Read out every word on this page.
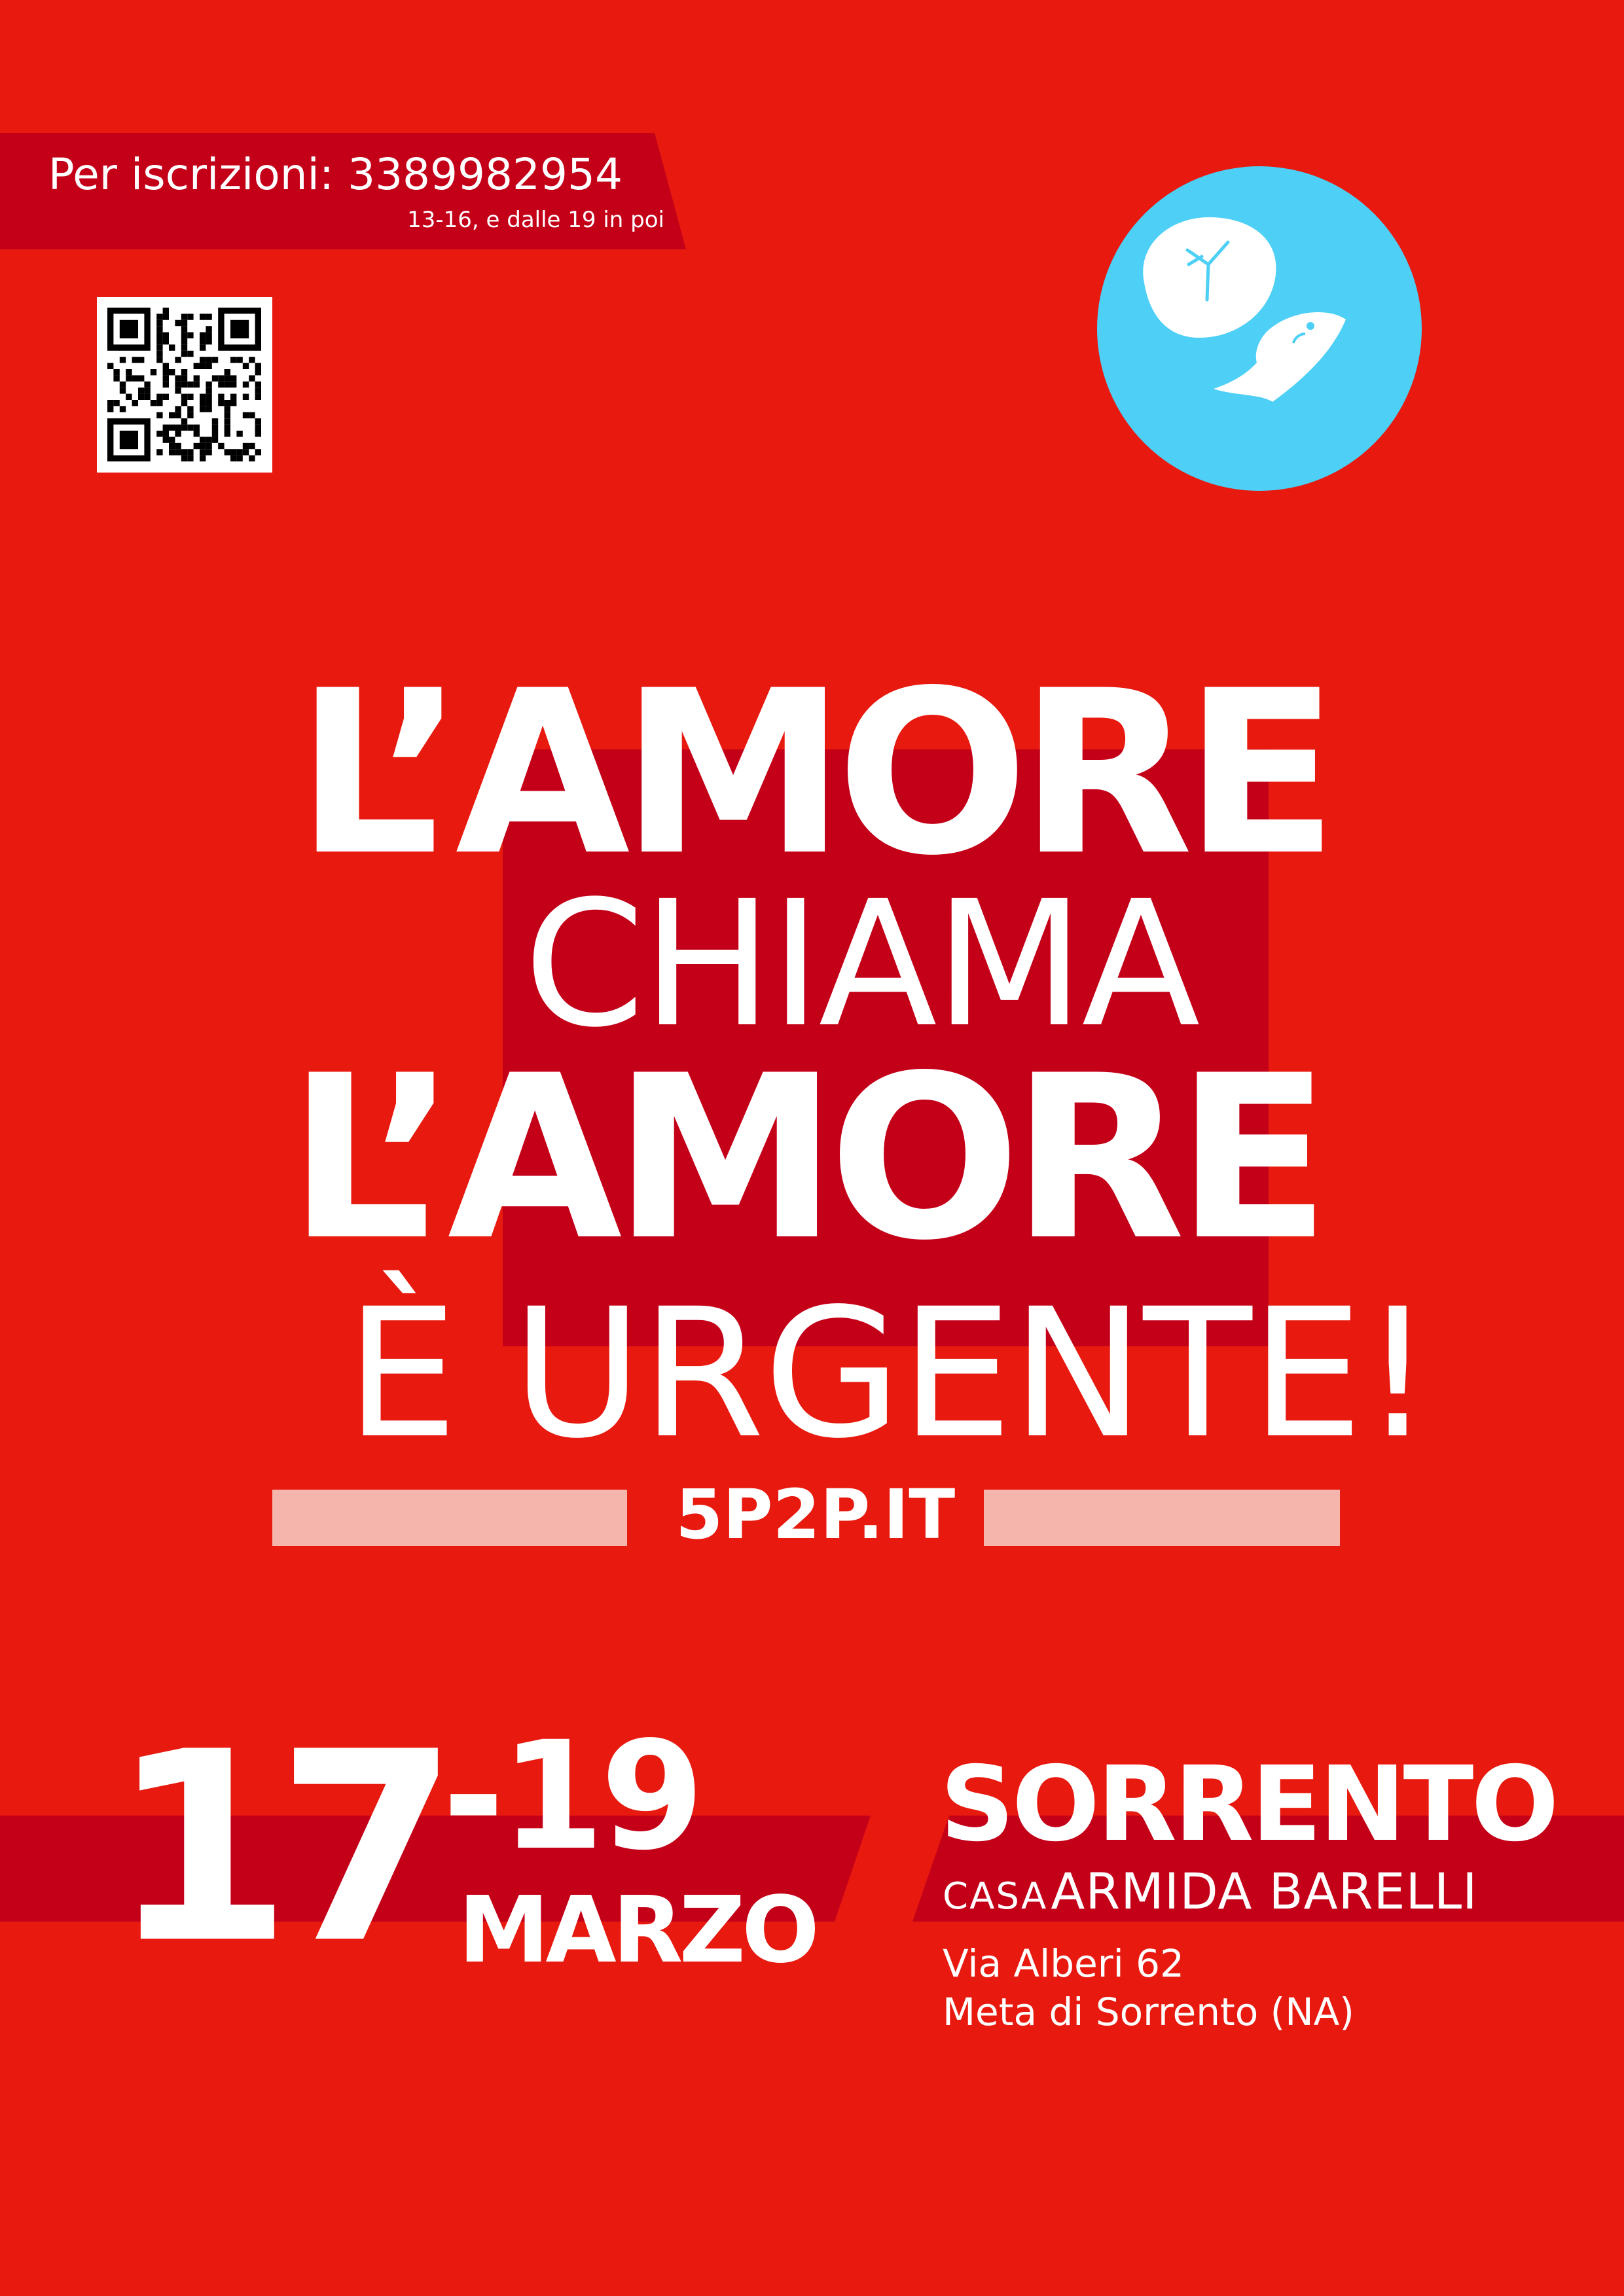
Per iscrizioni: 3389982954
13-16, e dalle 19 in poi
L’AMORE
CHIAMA
L’AMORE
È URGENTE!
5P2P.IT
17 -19
MARZO
SORRENTO
CASA ARMIDA BARELLI
Via Alberi 62
Meta di Sorrento (NA)
